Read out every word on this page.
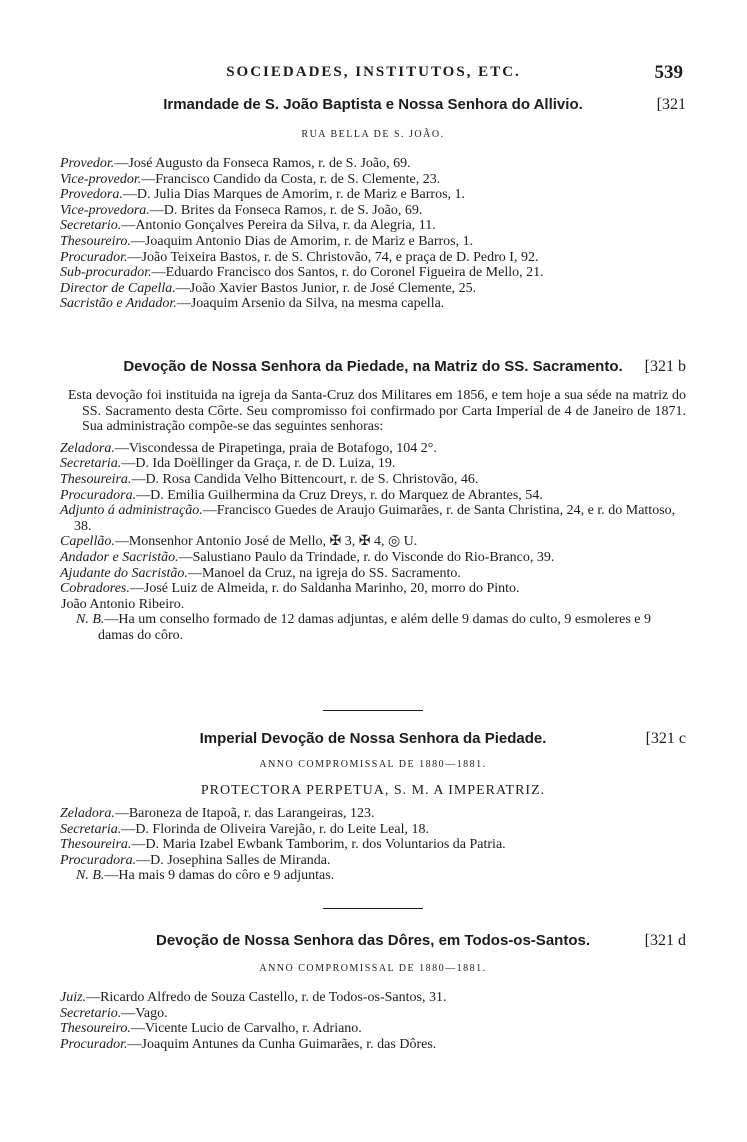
SOCIEDADES, INSTITUTOS, ETC.	539
Irmandade de S. João Baptista e Nossa Senhora do Allivio.	[321
RUA BELLA DE S. JOÃO.
Provedor.—José Augusto da Fonseca Ramos, r. de S. João, 69.
Vice-provedor.—Francisco Candido da Costa, r. de S. Clemente, 23.
Provedora.—D. Julia Dias Marques de Amorim, r. de Mariz e Barros, 1.
Vice-provedora.—D. Brites da Fonseca Ramos, r. de S. João, 69.
Secretario.—Antonio Gonçalves Pereira da Silva, r. da Alegria, 11.
Thesoureiro.—Joaquim Antonio Dias de Amorim, r. de Mariz e Barros, 1.
Procurador.—João Teixeira Bastos, r. de S. Christovão, 74, e praça de D. Pedro I, 92.
Sub-procurador.—Eduardo Francisco dos Santos, r. do Coronel Figueira de Mello, 21.
Director de Capella.—João Xavier Bastos Junior, r. de José Clemente, 25.
Sacristão e Andador.—Joaquim Arsenio da Silva, na mesma capella.
Devoção de Nossa Senhora da Piedade, na Matriz do SS. Sacramento. [321 b
Esta devoção foi instituida na igreja da Santa-Cruz dos Militares em 1856, e tem hoje a sua séde na matriz do SS. Sacramento desta Côrte. Seu compromisso foi confirmado por Carta Imperial de 4 de Janeiro de 1871. Sua administração compõe-se das seguintes senhoras:
Zeladora.—Viscondessa de Pirapetinga, praia de Botafogo, 104 2°.
Secretaria.—D. Ida Doëllinger da Graça, r. de D. Luiza, 19.
Thesoureira.—D. Rosa Candida Velho Bittencourt, r. de S. Christovão, 46.
Procuradora.—D. Emilia Guilhermina da Cruz Dreys, r. do Marquez de Abrantes, 54.
Adjunto á administração.—Francisco Guedes de Araujo Guimarães, r. de Santa Christina, 24, e r. do Mattoso, 38.
Capellão.—Monsenhor Antonio José de Mello, ✠ 3, ✠ 4, ◎ U.
Andador e Sacristão.—Salustiano Paulo da Trindade, r. do Visconde do Rio-Branco, 39.
Ajudante do Sacristão.—Manoel da Cruz, na igreja do SS. Sacramento.
Cobradores.—José Luiz de Almeida, r. do Saldanha Marinho, 20, morro do Pinto.
João Antonio Ribeiro.
N. B.—Ha um conselho formado de 12 damas adjuntas, e além delle 9 damas do culto, 9 esmoleres e 9 damas do côro.
Imperial Devoção de Nossa Senhora da Piedade.	[321 c
ANNO COMPROMISSAL DE 1880—1881.
PROTECTORA PERPETUA, S. M. A IMPERATRIZ.
Zeladora.—Baroneza de Itapoã, r. das Larangeiras, 123.
Secretaria.—D. Florinda de Oliveira Varejão, r. do Leite Leal, 18.
Thesoureira.—D. Maria Izabel Ewbank Tamborim, r. dos Voluntarios da Patria.
Procuradora.—D. Josephina Salles de Miranda.
N. B.—Ha mais 9 damas do côro e 9 adjuntas.
Devoção de Nossa Senhora das Dôres, em Todos-os-Santos.	[321 d
ANNO COMPROMISSAL DE 1880—1881.
Juiz.—Ricardo Alfredo de Souza Castello, r. de Todos-os-Santos, 31.
Secretario.—Vago.
Thesoureiro.—Vicente Lucio de Carvalho, r. Adriano.
Procurador.—Joaquim Antunes da Cunha Guimarães, r. das Dôres.
